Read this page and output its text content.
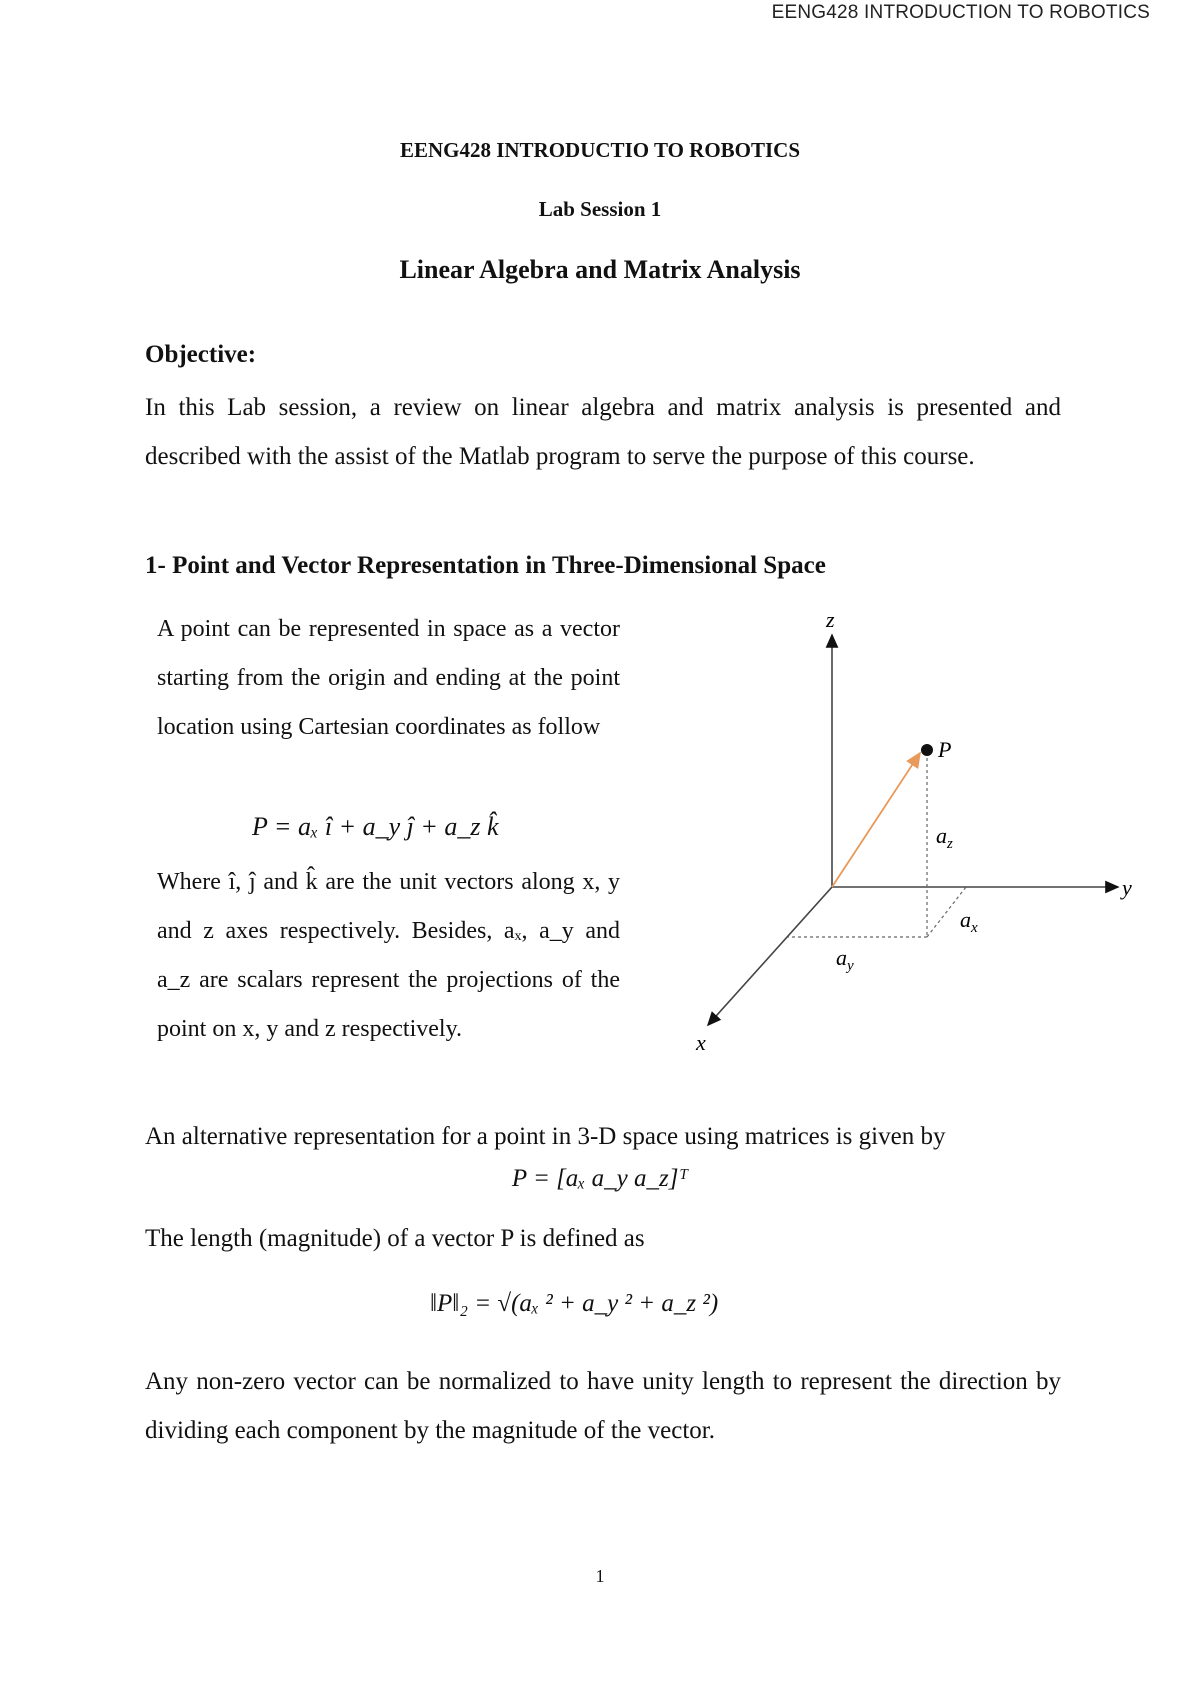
EENG428 INTRODUCTION TO ROBOTICS
EENG428 INTRODUCTIO TO ROBOTICS
Lab Session 1
Linear Algebra and Matrix Analysis
Objective:
In this Lab session, a review on linear algebra and matrix analysis is presented and described with the assist of the Matlab program to serve the purpose of this course.
1- Point and Vector Representation in Three-Dimensional Space
A point can be represented in space as a vector starting from the origin and ending at the point location using Cartesian coordinates as follow
P = aₓ î + a_y ĵ + a_z k̂
Where î, ĵ and k̂ are the unit vectors along x, y and z axes respectively. Besides, aₓ, a_y and a_z are scalars represent the projections of the point on x, y and z respectively.
z
y
x
P
$a_z$
$a_x$
$a_y$
An alternative representation for a point in 3-D space using matrices is given by
P = [aₓ a_y a_z]ᵀ
The length (magnitude) of a vector P is defined as
‖P‖₂ = √(aₓ ² + a_y ² + a_z ²)
Any non-zero vector can be normalized to have unity length to represent the direction by dividing each component by the magnitude of the vector.
1
